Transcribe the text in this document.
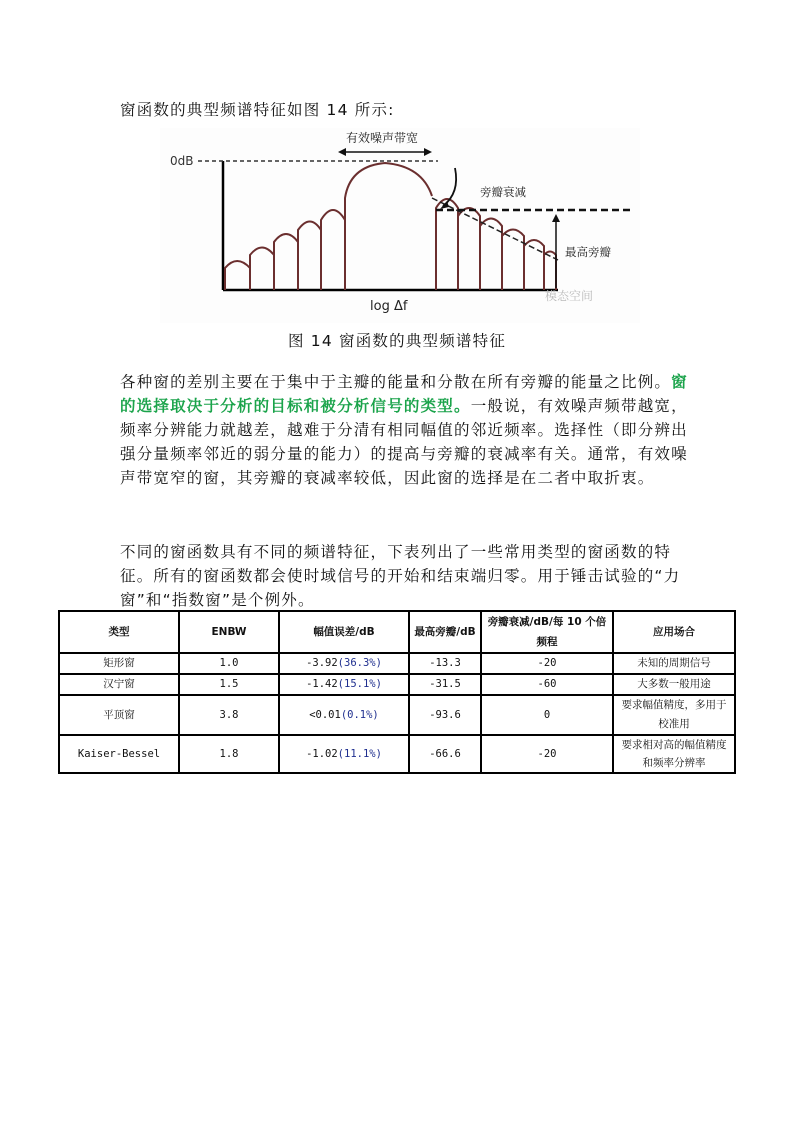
窗函数的典型频谱特征如图 14 所示:
0dB
有效噪声带宽
旁瓣衰减
最高旁瓣
log Δf
模态空间
图 14 窗函数的典型频谱特征
各种窗的差别主要在于集中于主瓣的能量和分散在所有旁瓣的能量之比例。窗的选择取决于分析的目标和被分析信号的类型。一般说，有效噪声频带越宽，频率分辨能力就越差，越难于分清有相同幅值的邻近频率。选择性（即分辨出强分量频率邻近的弱分量的能力）的提高与旁瓣的衰减率有关。通常，有效噪声带宽窄的窗，其旁瓣的衰减率较低，因此窗的选择是在二者中取折衷。
不同的窗函数具有不同的频谱特征，下表列出了一些常用类型的窗函数的特征。所有的窗函数都会使时域信号的开始和结束端归零。用于锤击试验的“力窗”和“指数窗”是个例外。
类型	ENBW	幅值误差/dB	最高旁瓣/dB	旁瓣衰减/dB/每 10 个倍频程	应用场合
矩形窗	1.0	-3.92(36.3%)	-13.3	-20	未知的周期信号
汉宁窗	1.5	-1.42(15.1%)	-31.5	-60	大多数一般用途
平顶窗	3.8	<0.01(0.1%)	-93.6	0	要求幅值精度，多用于校准用
Kaiser-Bessel	1.8	-1.02(11.1%)	-66.6	-20	要求相对高的幅值精度和频率分辨率
